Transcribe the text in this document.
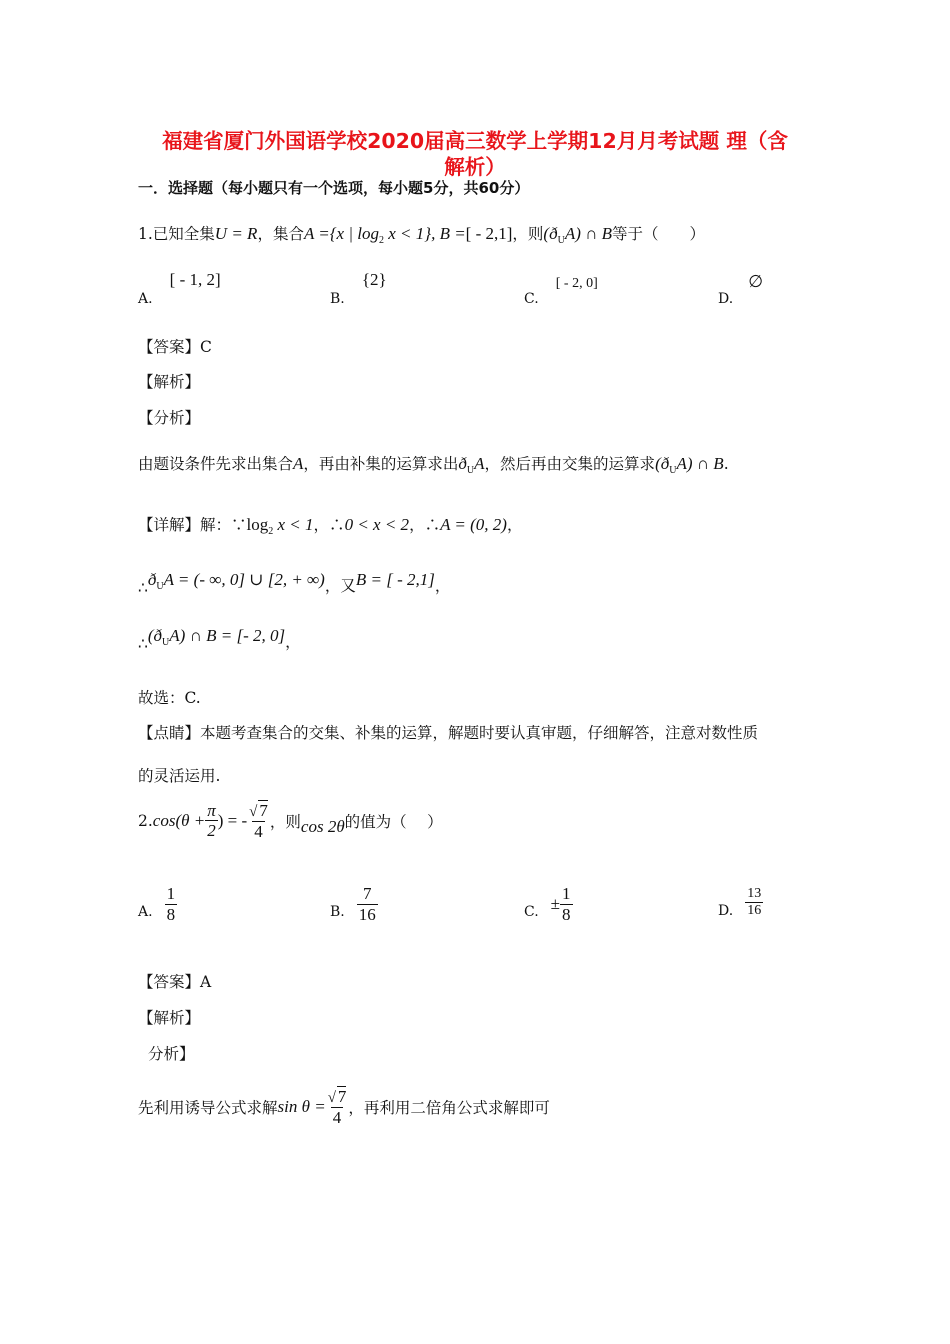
福建省厦门外国语学校2020届高三数学上学期12月月考试题 理（含
解析）
一．选择题（每小题只有一个选项，每小题5分，共60分）
1.已知全集U = R，集合A ={x | $\log_2 x < 1$}, B =[ - 2,1]，则$(ð_UA)$ ∩ B等于（　　）
A. [ - 1, 2]
B. {2}
C. [ - 2, 0]
D. ∅
【答案】C
【解析】
【分析】
由题设条件先求出集合A，再由补集的运算求出$ð_UA$，然后再由交集的运算求$(ð_UA)$ ∩ B.
【详解】解：$\because\log_2$ x < 1，∴0 < x < 2，∴A = (0, 2)，
$\therefore ð_UA$ = (- ∞, 0] ∪ [2, + ∞)，又B = [ - 2,1]，
$\therefore(ð_UA)$ ∩ B = [- 2, 0]，
故选：C.
【点睛】本题考查集合的交集、补集的运算，解题时要认真审题，仔细解答，注意对数性质
的灵活运用.
2. $\cos(\theta + \frac{\pi}{2}$ ) = - $\frac{√ 7}{4}$ ，则 cos 2θ 的值为（　 ）
A. $\frac{1}{8}$	B. $\frac{7}{16}$	C. ± $\frac{1}{8}$	D. $\frac{13}{16}$
【答案】A
【解析】
分析】
先利用诱导公式求解 $\sin \theta = \frac{√ 7}{4}$ ，再利用二倍角公式求解即可
